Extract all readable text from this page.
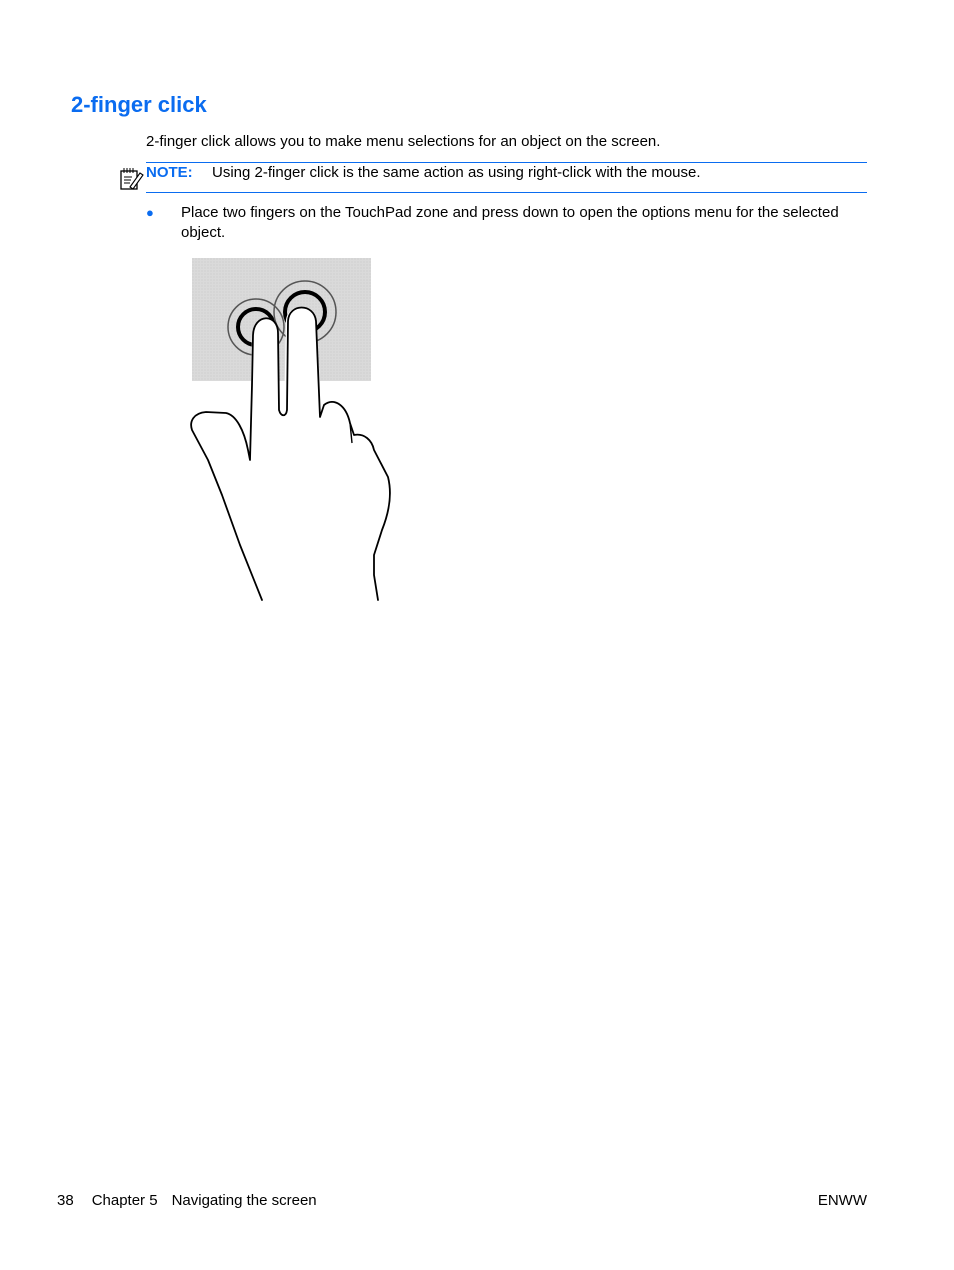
2-finger click

2-finger click allows you to make menu selections for an object on the screen.

NOTE: Using 2-finger click is the same action as using right-click with the mouse.
● Place two fingers on the TouchPad zone and press down to open the options menu for the selected object.
38 Chapter 5 Navigating the screen	ENWW
